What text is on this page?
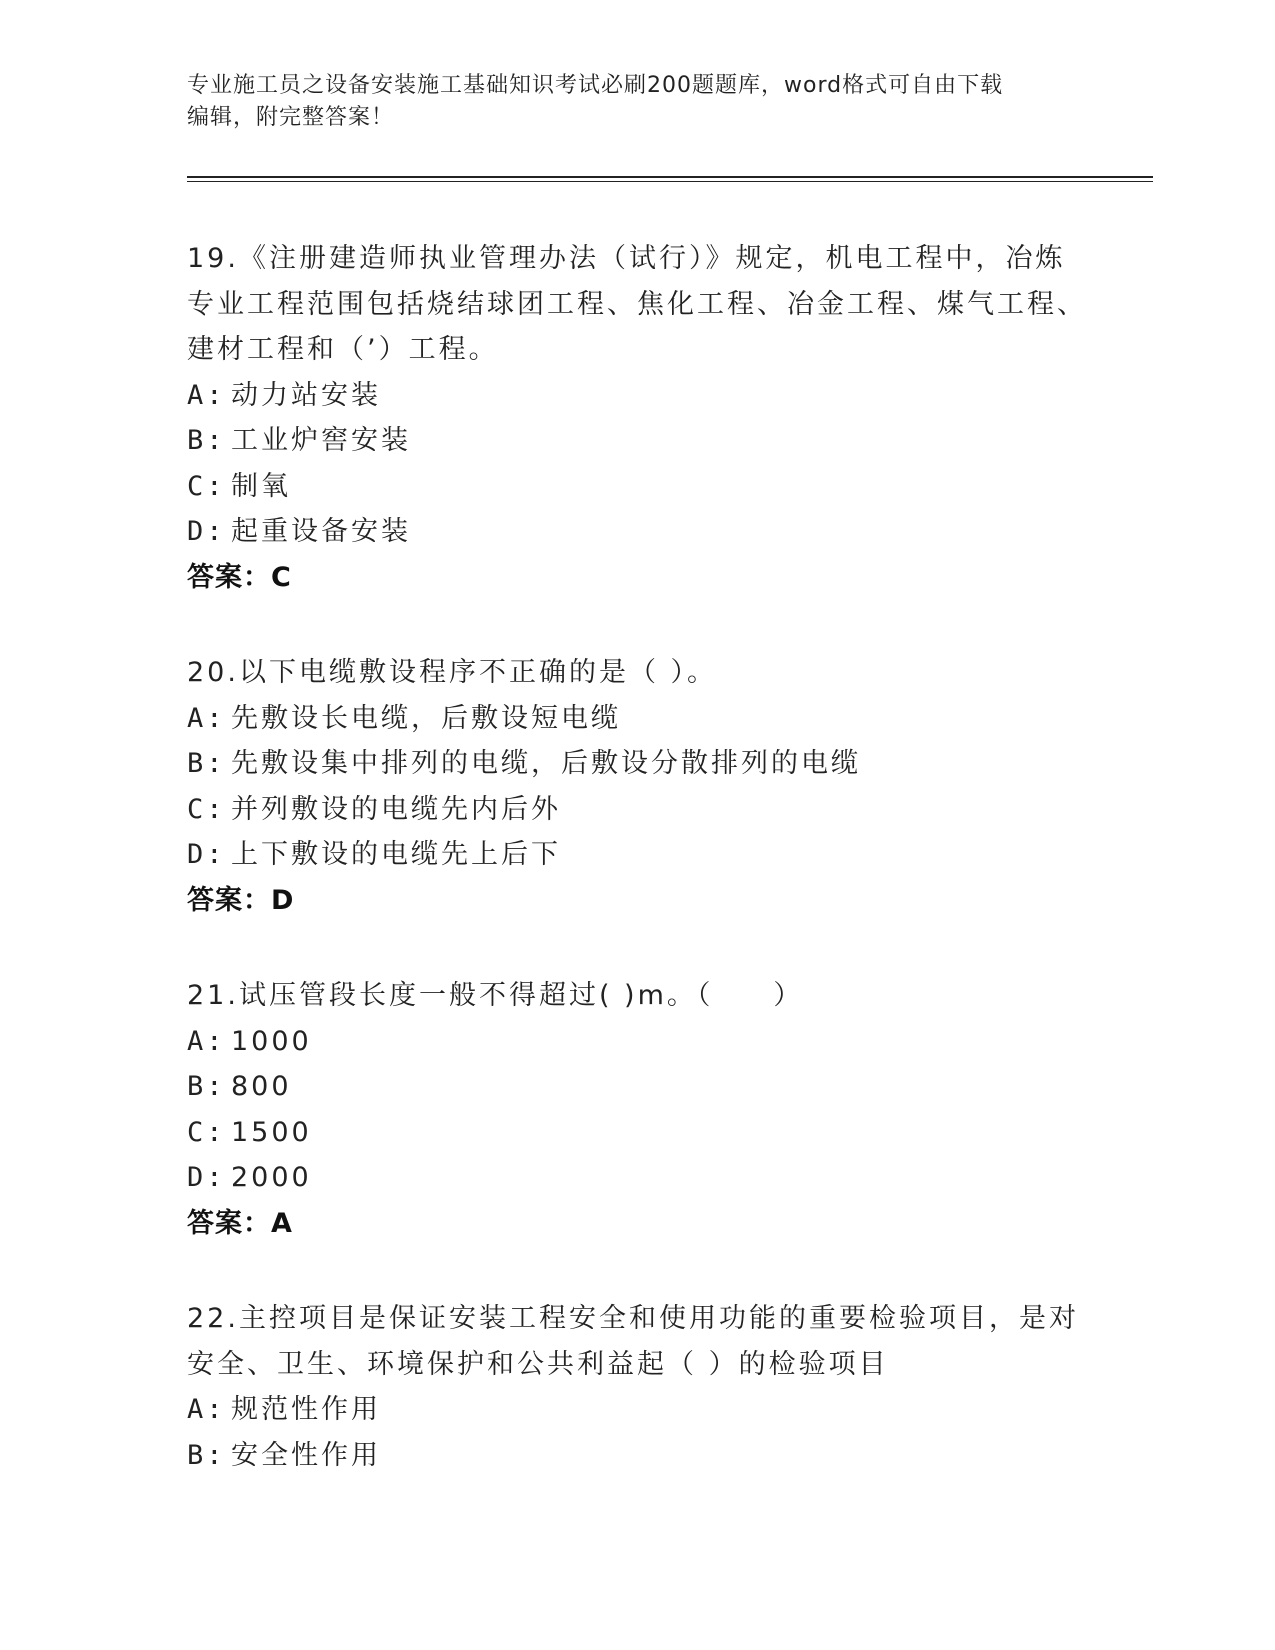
专业施工员之设备安装施工基础知识考试必刷200题题库，word格式可自由下载
编辑，附完整答案！

19.《注册建造师执业管理办法（试行）》规定，机电工程中，冶炼专业工程范围包括烧结球团工程、焦化工程、冶金工程、煤气工程、建材工程和（’）工程。

A: 动力站安装
B: 工业炉窖安装
C: 制氧
D: 起重设备安装

答案：C

20.以下电缆敷设程序不正确的是（ ）。

A: 先敷设长电缆，后敷设短电缆
B: 先敷设集中排列的电缆，后敷设分散排列的电缆
C: 并列敷设的电缆先内后外
D: 上下敷设的电缆先上后下

答案：D

21.试压管段长度一般不得超过( )m。（　　）

A: 1000
B: 800
C: 1500
D: 2000

答案：A

22.主控项目是保证安装工程安全和使用功能的重要检验项目，是对安全、卫生、环境保护和公共利益起（ ）的检验项目

A: 规范性作用
B: 安全性作用
